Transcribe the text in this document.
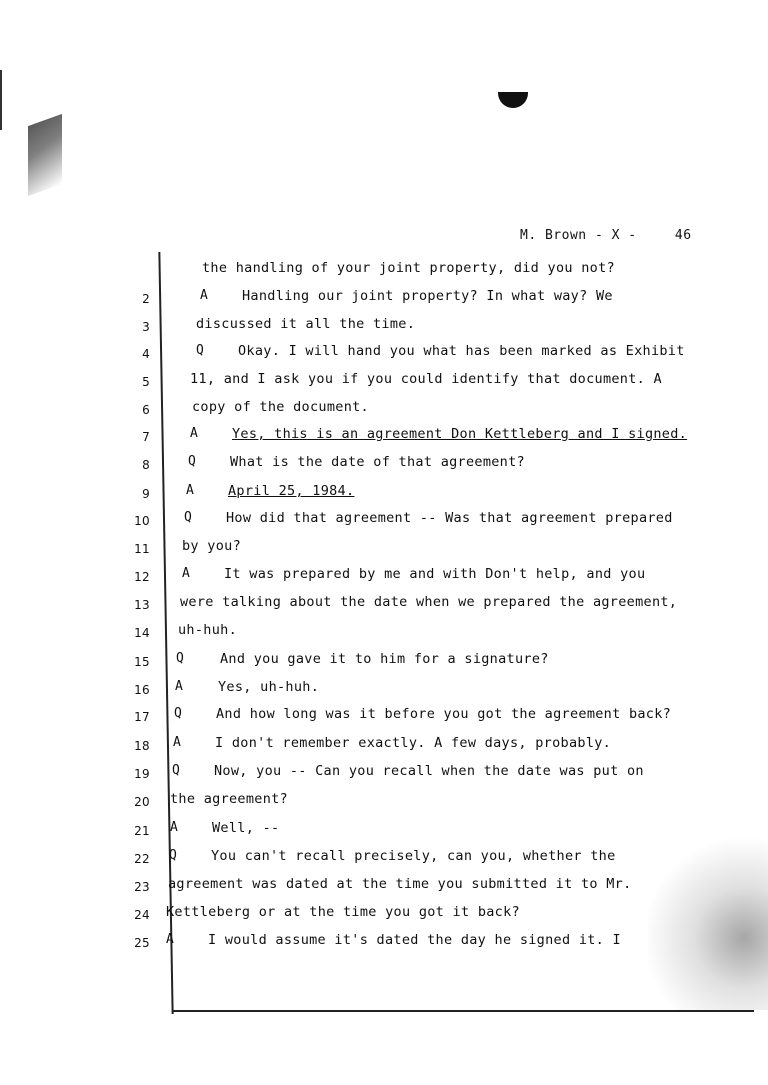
M. Brown - X -	46
the handling of your joint property, did you not?
2	A	Handling our joint property? In what way? We
3	discussed it all the time.
4	Q	Okay. I will hand you what has been marked as Exhibit
5	11, and I ask you if you could identify that document. A
6	copy of the document.
7	A	Yes, this is an agreement Don Kettleberg and I signed.
8	Q	What is the date of that agreement?
9	A	April 25, 1984.
10	Q	How did that agreement -- Was that agreement prepared
11 by you?
12 A	It was prepared by me and with Don't help, and you
13 were talking about the date when we prepared the agreement,
14 uh-huh.
15 Q	And you gave it to him for a signature?
16 A	Yes, uh-huh.
17 Q	And how long was it before you got the agreement back?
18 A	I don't remember exactly. A few days, probably.
19 Q	Now, you -- Can you recall when the date was put on
20 the agreement?
21 A	Well, --
22 Q	You can't recall precisely, can you, whether the
23 agreement was dated at the time you submitted it to Mr.
24 Kettleberg or at the time you got it back?
25 A	I would assume it's dated the day he signed it. I
